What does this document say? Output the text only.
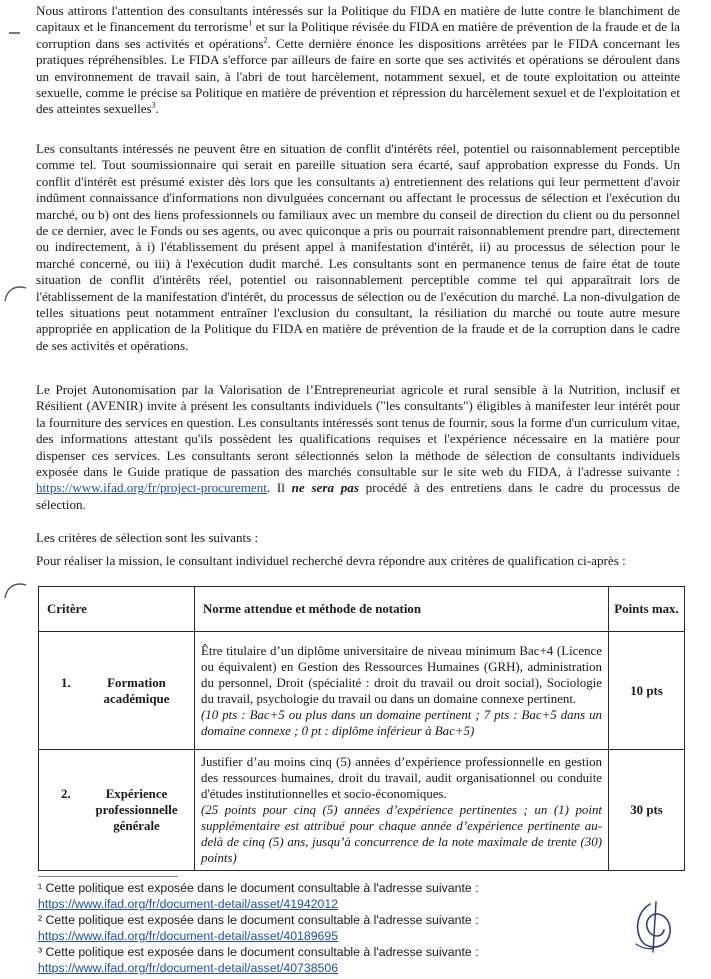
Nous attirons l'attention des consultants intéressés sur la Politique du FIDA en matière de lutte contre le blanchiment de capitaux et le financement du terrorisme$^1$ et sur la Politique révisée du FIDA en matière de prévention de la fraude et de la corruption dans ses activités et opérations$^2$. Cette dernière énonce les dispositions arrêtées par le FIDA concernant les pratiques répréhensibles. Le FIDA s'efforce par ailleurs de faire en sorte que ses activités et opérations se déroulent dans un environnement de travail sain, à l'abri de tout harcèlement, notamment sexuel, et de toute exploitation ou atteinte sexuelle, comme le précise sa Politique en matière de prévention et répression du harcèlement sexuel et de l'exploitation et des atteintes sexuelles$^3$.

Les consultants intéressés ne peuvent être en situation de conflit d'intérêts réel, potentiel ou raisonnablement perceptible comme tel. Tout soumissionnaire qui serait en pareille situation sera écarté, sauf approbation expresse du Fonds. Un conflit d'intérêt est présumé exister dès lors que les consultants a) entretiennent des relations qui leur permettent d'avoir indûment connaissance d'informations non divulguées concernant ou affectant le processus de sélection et l'exécution du marché, ou b) ont des liens professionnels ou familiaux avec un membre du conseil de direction du client ou du personnel de ce dernier, avec le Fonds ou ses agents, ou avec quiconque a pris ou pourrait raisonnablement prendre part, directement ou indirectement, à i) l'établissement du présent appel à manifestation d'intérêt, ii) au processus de sélection pour le marché concerné, ou iii) à l'exécution dudit marché. Les consultants sont en permanence tenus de faire état de toute situation de conflit d'intérêts réel, potentiel ou raisonnablement perceptible comme tel qui apparaîtrait lors de l'établissement de la manifestation d'intérêt, du processus de sélection ou de l'exécution du marché. La non-divulgation de telles situations peut notamment entraîner l'exclusion du consultant, la résiliation du marché ou toute autre mesure appropriée en application de la Politique du FIDA en matière de prévention de la fraude et de la corruption dans le cadre de ses activités et opérations.

Le Projet Autonomisation par la Valorisation de l’Entrepreneuriat agricole et rural sensible à la Nutrition, inclusif et Résilient (AVENIR) invite à présent les consultants individuels ("les consultants") éligibles à manifester leur intérêt pour la fourniture des services en question. Les consultants intéressés sont tenus de fournir, sous la forme d'un curriculum vitae, des informations attestant qu'ils possèdent les qualifications requises et l'expérience nécessaire en la matière pour dispenser ces services. Les consultants seront sélectionnés selon la méthode de sélection de consultants individuels exposée dans le Guide pratique de passation des marchés consultable sur le site web du FIDA, à l'adresse suivante : https://www.ifad.org/fr/project-procurement. Il ne sera pas procédé à des entretiens dans le cadre du processus de sélection.

Les critères de sélection sont les suivants :

Pour réaliser la mission, le consultant individuel recherché devra répondre aux critères de qualification ci-après :

Critère	Norme attendue et méthode de notation	Points max.

1. Formation académique	Être titulaire d’un diplôme universitaire de niveau minimum Bac+4 (Licence ou équivalent) en Gestion des Ressources Humaines (GRH), administration du personnel, Droit (spécialité : droit du travail ou droit social), Sociologie du travail, psychologie du travail ou dans un domaine connexe pertinent.
(10 pts : Bac+5 ou plus dans un domaine pertinent ; 7 pts : Bac+5 dans un domaine connexe ; 0 pt : diplôme inférieur à Bac+5)	10 pts

2. Expérience professionnelle générale	Justifier d’au moins cinq (5) années d’expérience professionnelle en gestion des ressources humaines, droit du travail, audit organisationnel ou conduite d'études institutionnelles et socio-économiques.
(25 points pour cinq (5) années d’expérience pertinentes ; un (1) point supplémentaire est attribué pour chaque année d’expérience pertinente au-delà de cinq (5) ans, jusqu’à concurrence de la note maximale de trente (30) points)	30 pts
¹ Cette politique est exposée dans le document consultable à l'adresse suivante :
https://www.ifad.org/fr/document-detail/asset/41942012
² Cette politique est exposée dans le document consultable à l'adresse suivante :
https://www.ifad.org/fr/document-detail/asset/40189695
³ Cette politique est exposée dans le document consultable à l'adresse suivante :
https://www.ifad.org/fr/document-detail/asset/40738506
